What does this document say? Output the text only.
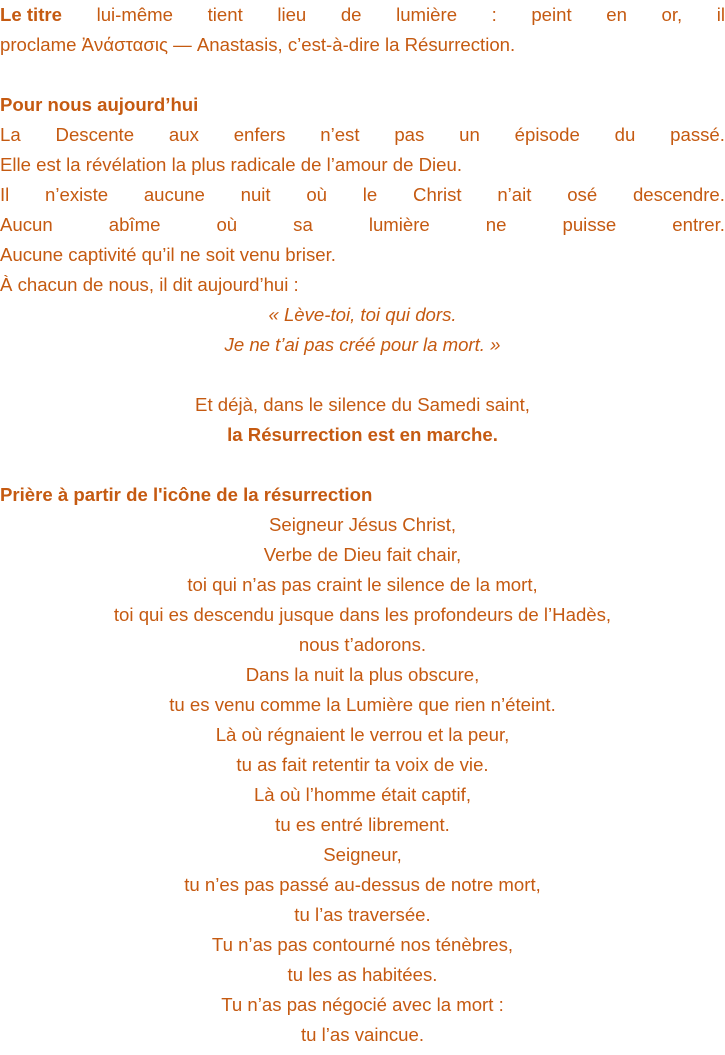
Le titre lui-même tient lieu de lumière : peint en or, il
proclame Ἀνάστασις — Anastasis, c’est-à-dire la Résurrection.
Pour nous aujourd’hui
La Descente aux enfers n’est pas un épisode du passé.
Elle est la révélation la plus radicale de l’amour de Dieu.
Il n’existe aucune nuit où le Christ n’ait osé descendre.
Aucun	abîme	où	sa	lumière	ne	puisse	entrer.
Aucune captivité qu’il ne soit venu briser.
À chacun de nous, il dit aujourd’hui :
« Lève-toi, toi qui dors.
Je ne t’ai pas créé pour la mort. »
Et déjà, dans le silence du Samedi saint,
la Résurrection est en marche.
Prière à partir de l'icône de la résurrection
Seigneur Jésus Christ,
Verbe de Dieu fait chair,
toi qui n’as pas craint le silence de la mort,
toi qui es descendu jusque dans les profondeurs de l’Hadès,
nous t’adorons.
Dans la nuit la plus obscure,
tu es venu comme la Lumière que rien n’éteint.
Là où régnaient le verrou et la peur,
tu as fait retentir ta voix de vie.
Là où l’homme était captif,
tu es entré librement.
Seigneur,
tu n’es pas passé au-dessus de notre mort,
tu l’as traversée.
Tu n’as pas contourné nos ténèbres,
tu les as habitées.
Tu n’as pas négocié avec la mort :
tu l’as vaincue.
